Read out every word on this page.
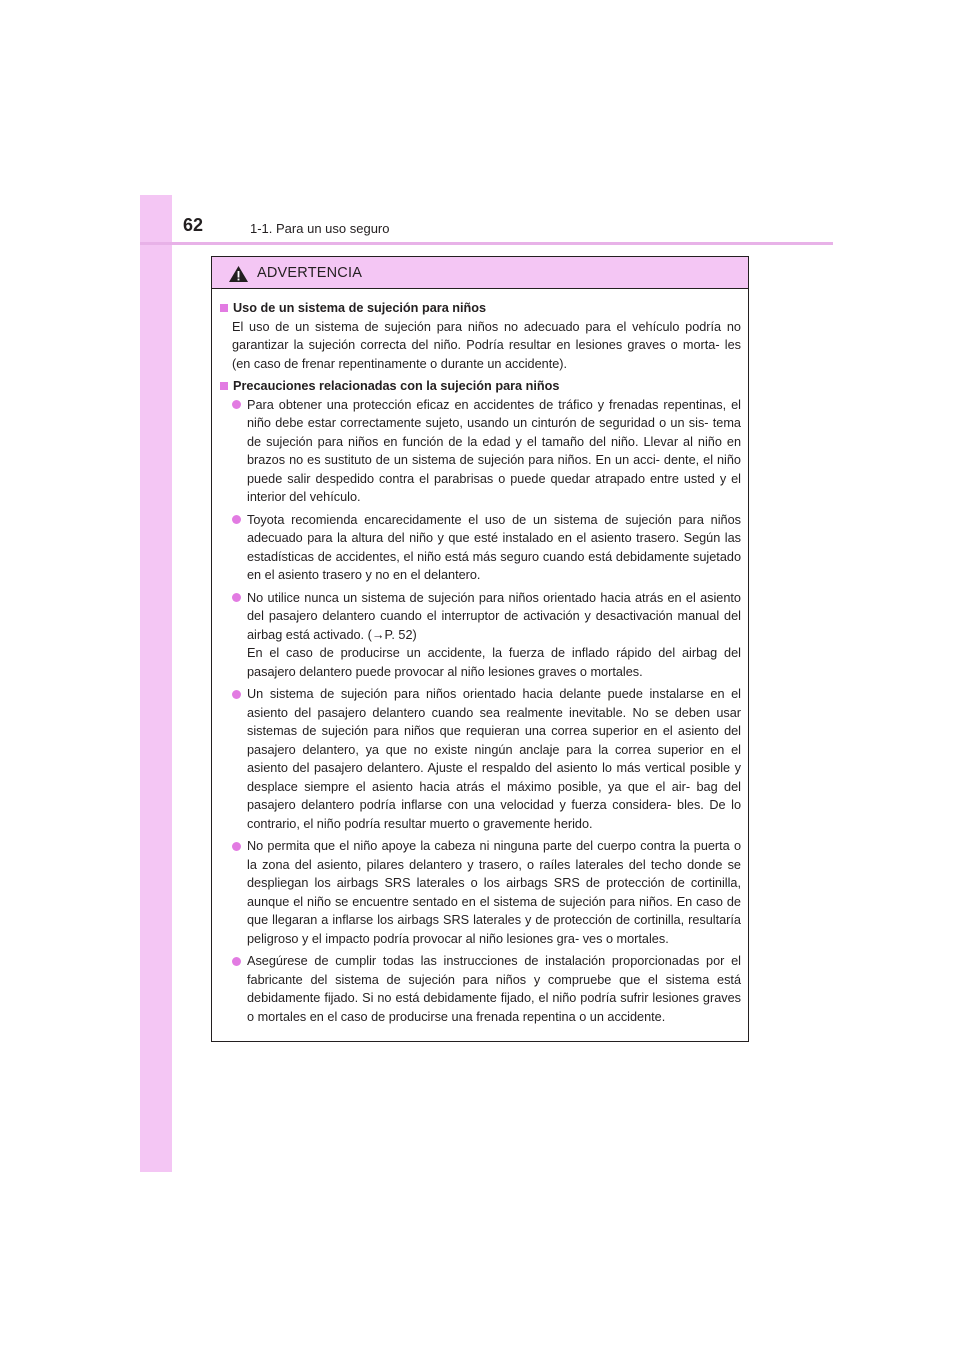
62	1-1. Para un uso seguro
ADVERTENCIA
Uso de un sistema de sujeción para niños
El uso de un sistema de sujeción para niños no adecuado para el vehículo podría no garantizar la sujeción correcta del niño. Podría resultar en lesiones graves o morta- les (en caso de frenar repentinamente o durante un accidente).
Precauciones relacionadas con la sujeción para niños
Para obtener una protección eficaz en accidentes de tráfico y frenadas repentinas, el niño debe estar correctamente sujeto, usando un cinturón de seguridad o un sis- tema de sujeción para niños en función de la edad y el tamaño del niño. Llevar al niño en brazos no es sustituto de un sistema de sujeción para niños. En un acci- dente, el niño puede salir despedido contra el parabrisas o puede quedar atrapado entre usted y el interior del vehículo.
Toyota recomienda encarecidamente el uso de un sistema de sujeción para niños adecuado para la altura del niño y que esté instalado en el asiento trasero. Según las estadísticas de accidentes, el niño está más seguro cuando está debidamente sujetado en el asiento trasero y no en el delantero.
No utilice nunca un sistema de sujeción para niños orientado hacia atrás en el asiento del pasajero delantero cuando el interruptor de activación y desactivación manual del airbag está activado. (→P. 52)
En el caso de producirse un accidente, la fuerza de inflado rápido del airbag del pasajero delantero puede provocar al niño lesiones graves o mortales.
Un sistema de sujeción para niños orientado hacia delante puede instalarse en el asiento del pasajero delantero cuando sea realmente inevitable. No se deben usar sistemas de sujeción para niños que requieran una correa superior en el asiento del pasajero delantero, ya que no existe ningún anclaje para la correa superior en el asiento del pasajero delantero. Ajuste el respaldo del asiento lo más vertical posible y desplace siempre el asiento hacia atrás el máximo posible, ya que el air- bag del pasajero delantero podría inflarse con una velocidad y fuerza considera- bles. De lo contrario, el niño podría resultar muerto o gravemente herido.
No permita que el niño apoye la cabeza ni ninguna parte del cuerpo contra la puerta o la zona del asiento, pilares delantero y trasero, o raíles laterales del techo donde se despliegan los airbags SRS laterales o los airbags SRS de protección de cortinilla, aunque el niño se encuentre sentado en el sistema de sujeción para niños. En caso de que llegaran a inflarse los airbags SRS laterales y de protección de cortinilla, resultaría peligroso y el impacto podría provocar al niño lesiones gra- ves o mortales.
Asegúrese de cumplir todas las instrucciones de instalación proporcionadas por el fabricante del sistema de sujeción para niños y compruebe que el sistema está debidamente fijado. Si no está debidamente fijado, el niño podría sufrir lesiones graves o mortales en el caso de producirse una frenada repentina o un accidente.
